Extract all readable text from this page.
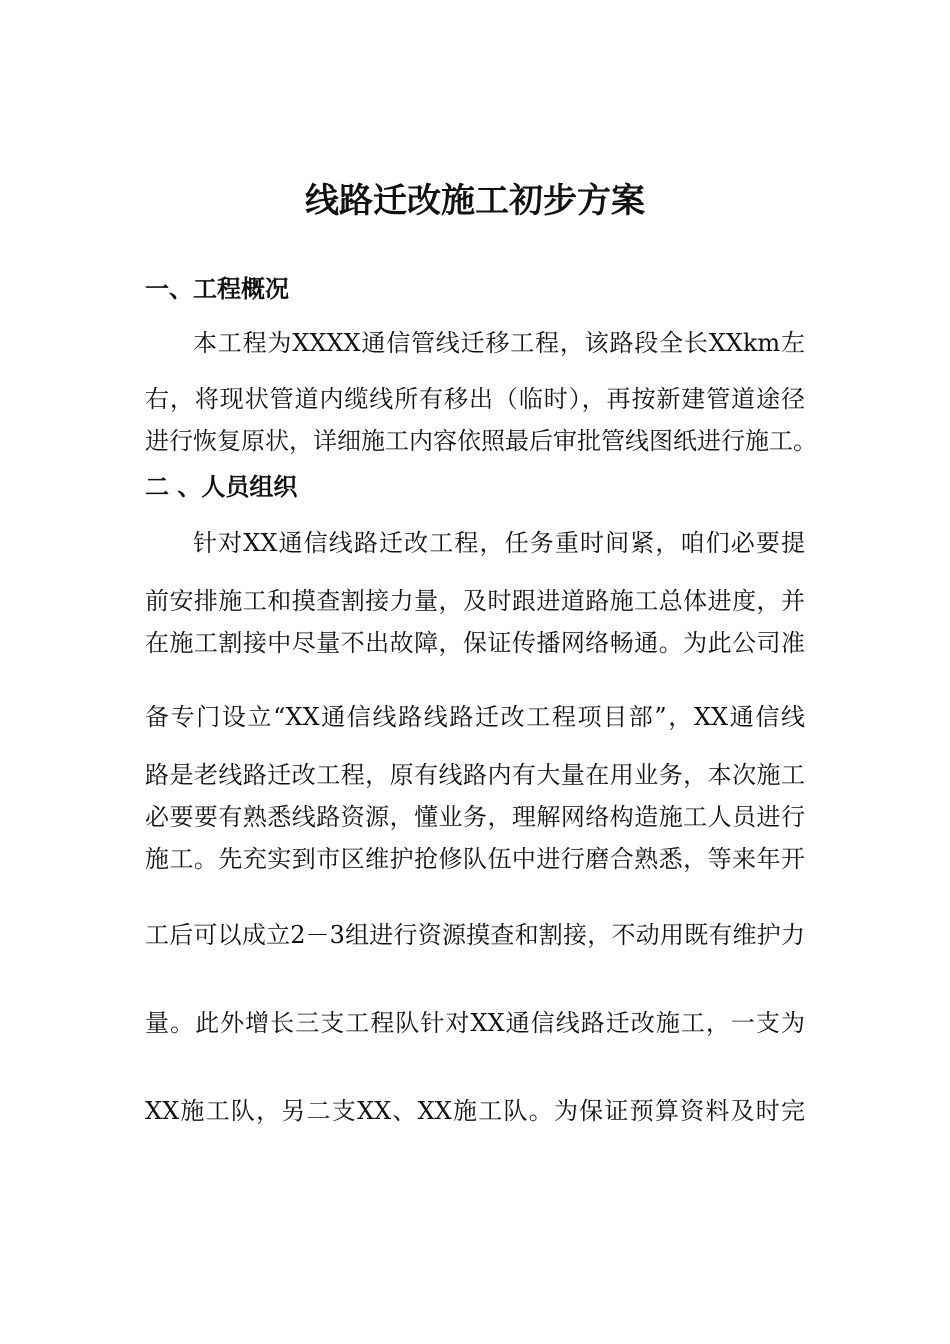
线路迁改施工初步方案
一、工程概况
本工程为XXXX通信管线迁移工程，该路段全长XXkm左
右，将现状管道内缆线所有移出（临时），再按新建管道途径
进行恢复原状，详细施工内容依照最后审批管线图纸进行施工。
二 、人员组织
针对XX通信线路迁改工程，任务重时间紧，咱们必要提
前安排施工和摸查割接力量，及时跟进道路施工总体进度，并
在施工割接中尽量不出故障，保证传播网络畅通。为此公司准
备专门设立“XX通信线路线路迁改工程项目部”，XX通信线
路是老线路迁改工程，原有线路内有大量在用业务，本次施工
必要要有熟悉线路资源，懂业务，理解网络构造施工人员进行
施工。先充实到市区维护抢修队伍中进行磨合熟悉，等来年开
工后可以成立2－3组进行资源摸查和割接，不动用既有维护力
量。此外增长三支工程队针对XX通信线路迁改施工，一支为
XX施工队，另二支XX、XX施工队。为保证预算资料及时完
